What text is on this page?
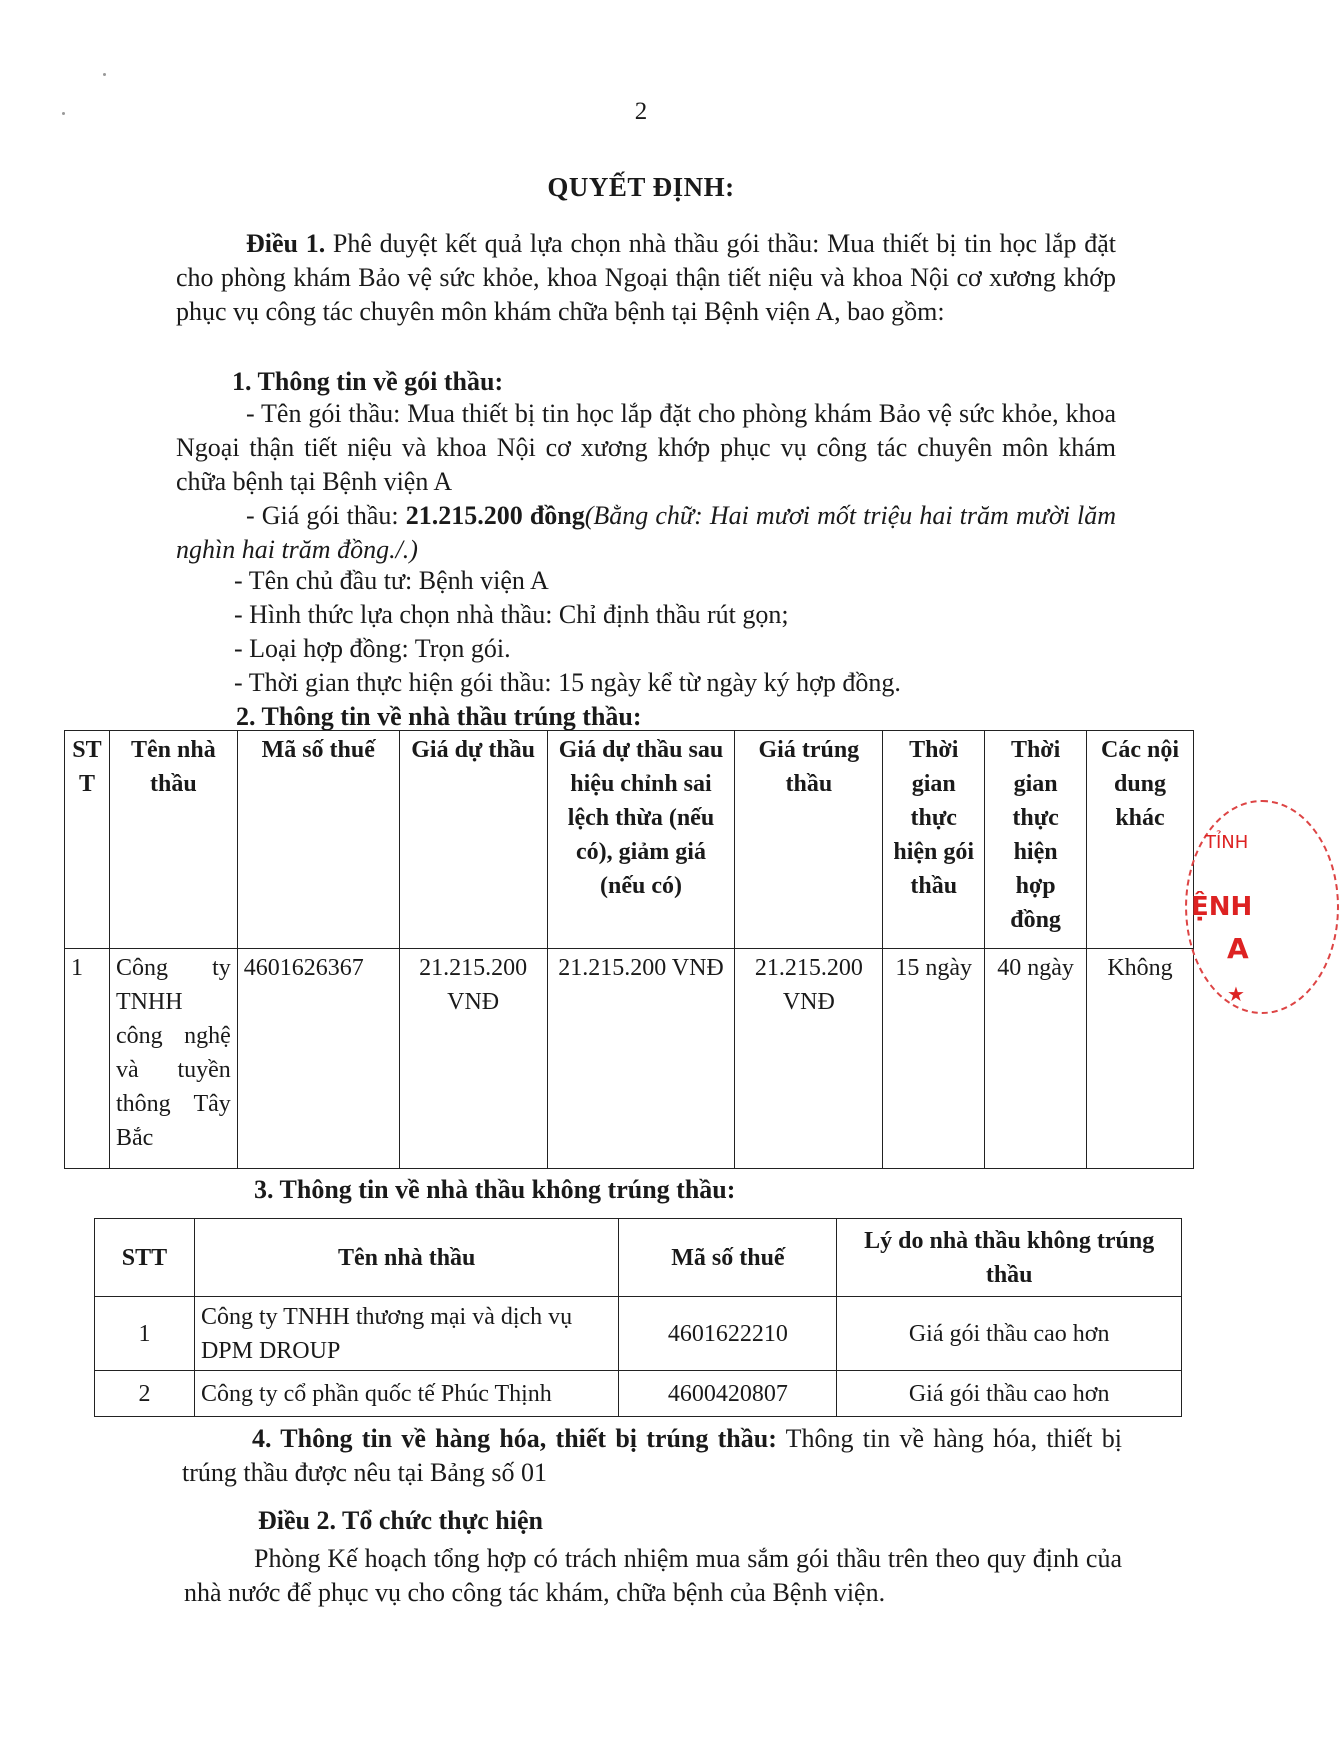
2
QUYẾT ĐỊNH:
Điều 1. Phê duyệt kết quả lựa chọn nhà thầu gói thầu: Mua thiết bị tin học lắp đặt cho phòng khám Bảo vệ sức khỏe, khoa Ngoại thận tiết niệu và khoa Nội cơ xương khớp phục vụ công tác chuyên môn khám chữa bệnh tại Bệnh viện A, bao gồm:
1. Thông tin về gói thầu:
- Tên gói thầu: Mua thiết bị tin học lắp đặt cho phòng khám Bảo vệ sức khỏe, khoa Ngoại thận tiết niệu và khoa Nội cơ xương khớp phục vụ công tác chuyên môn khám chữa bệnh tại Bệnh viện A
- Giá gói thầu: 21.215.200 đồng(Bằng chữ: Hai mươi mốt triệu hai trăm mười lăm nghìn hai trăm đồng./.)
- Tên chủ đầu tư: Bệnh viện A
- Hình thức lựa chọn nhà thầu: Chỉ định thầu rút gọn;
- Loại hợp đồng: Trọn gói.
- Thời gian thực hiện gói thầu: 15 ngày kể từ ngày ký hợp đồng.
2. Thông tin về nhà thầu trúng thầu:
STT	Tên nhà thầu	Mã số thuế	Giá dự thầu	Giá dự thầu sau hiệu chỉnh sai lệch thừa (nếu có), giảm giá (nếu có)	Giá trúng thầu	Thời gian thực hiện gói thầu	Thời gian thực hiện hợp đồng	Các nội dung khác
1	Công ty TNHH công nghệ và tuyền thông Tây Bắc	4601626367	21.215.200 VNĐ	21.215.200 VNĐ	21.215.200 VNĐ	15 ngày	40 ngày	Không
TỈNH
ỆNH
A
★
3. Thông tin về nhà thầu không trúng thầu:
STT	Tên nhà thầu	Mã số thuế	Lý do nhà thầu không trúng thầu
1	Công ty TNHH thương mại và dịch vụ DPM DROUP	4601622210	Giá gói thầu cao hơn
2	Công ty cổ phần quốc tế Phúc Thịnh	4600420807	Giá gói thầu cao hơn
4. Thông tin về hàng hóa, thiết bị trúng thầu: Thông tin về hàng hóa, thiết bị trúng thầu được nêu tại Bảng số 01
Điều 2. Tổ chức thực hiện
Phòng Kế hoạch tổng hợp có trách nhiệm mua sắm gói thầu trên theo quy định của nhà nước để phục vụ cho công tác khám, chữa bệnh của Bệnh viện.
